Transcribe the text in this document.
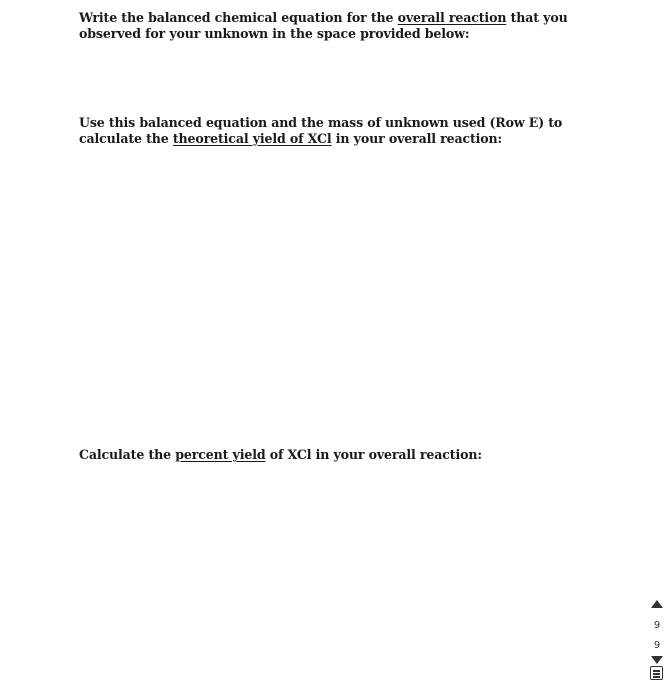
Write the balanced chemical equation for the overall reaction that you observed for your unknown in the space provided below:
Use this balanced equation and the mass of unknown used (Row E) to calculate the theoretical yield of XCl in your overall reaction:
Calculate the percent yield of XCl in your overall reaction:
9
9
